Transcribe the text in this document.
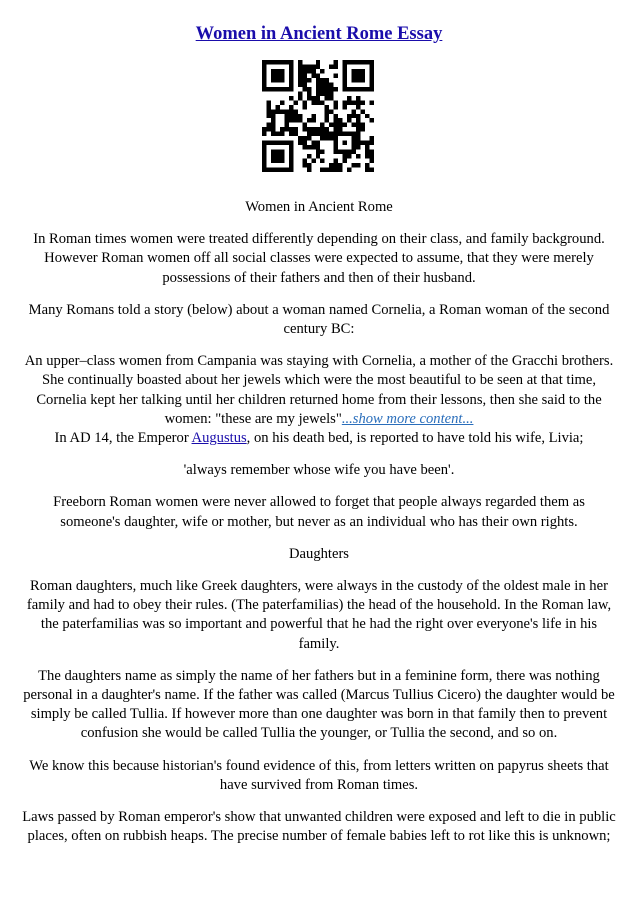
Women in Ancient Rome Essay

Women in Ancient Rome

In Roman times women were treated differently depending on their class, and family background. However Roman women off all social classes were expected to assume, that they were merely possessions of their fathers and then of their husband.

Many Romans told a story (below) about a woman named Cornelia, a Roman woman of the second century BC:

An upper–class women from Campania was staying with Cornelia, a mother of the Gracchi brothers. She continually boasted about her jewels which were the most beautiful to be seen at that time, Cornelia kept her talking until her children returned home from their lessons, then she said to the women: "these are my jewels"...show more content...

In AD 14, the Emperor Augustus, on his death bed, is reported to have told his wife, Livia;

'always remember whose wife you have been'.

Freeborn Roman women were never allowed to forget that people always regarded them as someone's daughter, wife or mother, but never as an individual who has their own rights.

Daughters

Roman daughters, much like Greek daughters, were always in the custody of the oldest male in her family and had to obey their rules. (The paterfamilias) the head of the household. In the Roman law, the paterfamilias was so important and powerful that he had the right over everyone's life in his family.

The daughters name as simply the name of her fathers but in a feminine form, there was nothing personal in a daughter's name. If the father was called (Marcus Tullius Cicero) the daughter would be simply be called Tullia. If however more than one daughter was born in that family then to prevent confusion she would be called Tullia the younger, or Tullia the second, and so on.

We know this because historian's found evidence of this, from letters written on papyrus sheets that have survived from Roman times.

Laws passed by Roman emperor's show that unwanted children were exposed and left to die in public places, often on rubbish heaps. The precise number of female babies left to rot like this is unknown;
